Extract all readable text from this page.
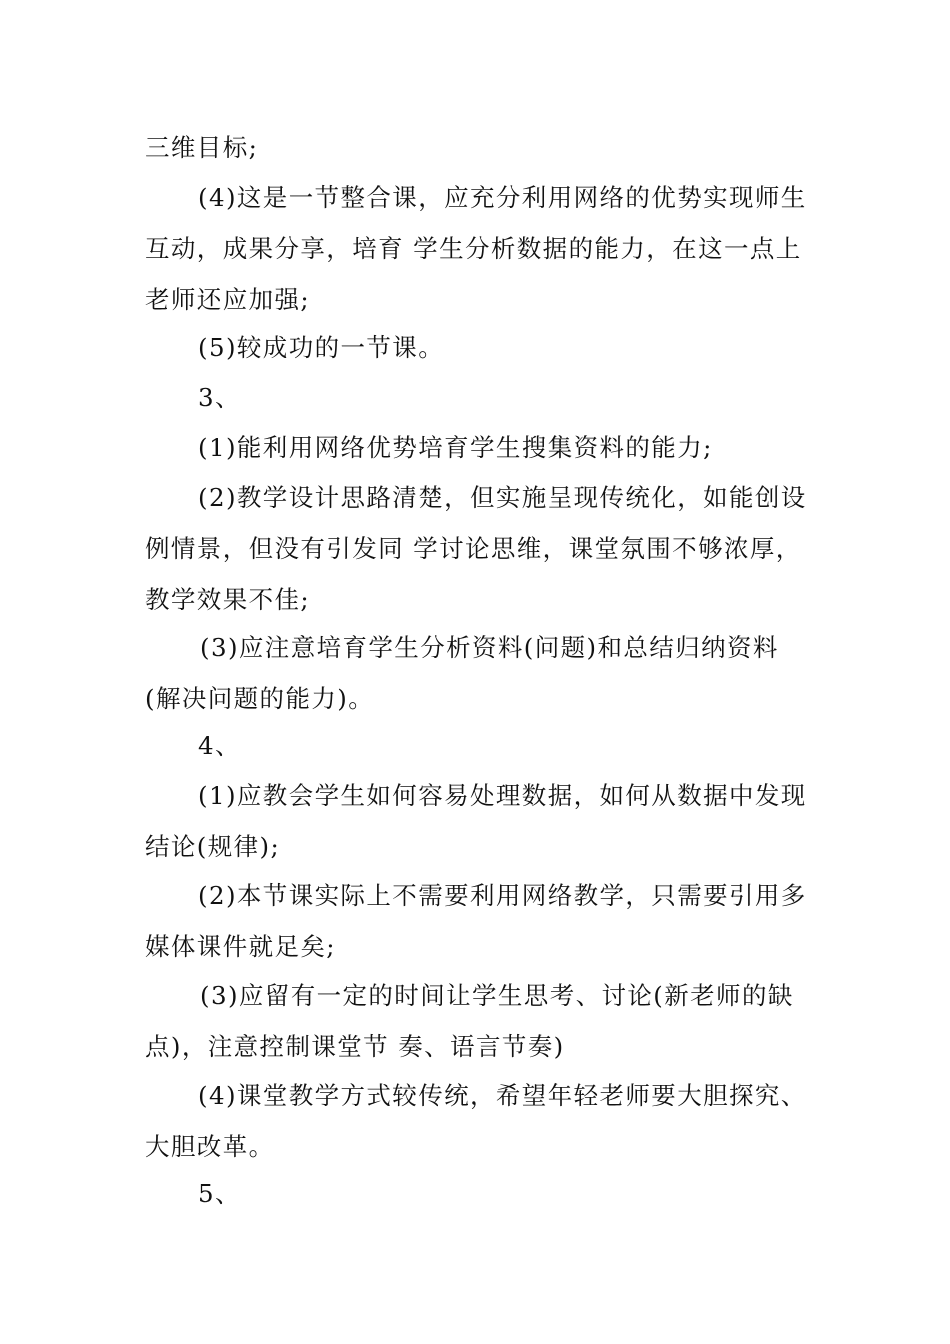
三维目标;

(4)这是一节整合课，应充分利用网络的优势实现师生
互动，成果分享，培育 学生分析数据的能力，在这一点上
老师还应加强;

(5)较成功的一节课。

3、

(1)能利用网络优势培育学生搜集资料的能力;

(2)教学设计思路清楚，但实施呈现传统化，如能创设
例情景，但没有引发同 学讨论思维，课堂氛围不够浓厚，
教学效果不佳;

(3)应注意培育学生分析资料(问题)和总结归纳资料
(解决问题的能力)。

4、

(1)应教会学生如何容易处理数据，如何从数据中发现
结论(规律);

(2)本节课实际上不需要利用网络教学，只需要引用多
媒体课件就足矣;

(3)应留有一定的时间让学生思考、讨论(新老师的缺
点)，注意控制课堂节 奏、语言节奏)

(4)课堂教学方式较传统，希望年轻老师要大胆探究、
大胆改革。

5、
